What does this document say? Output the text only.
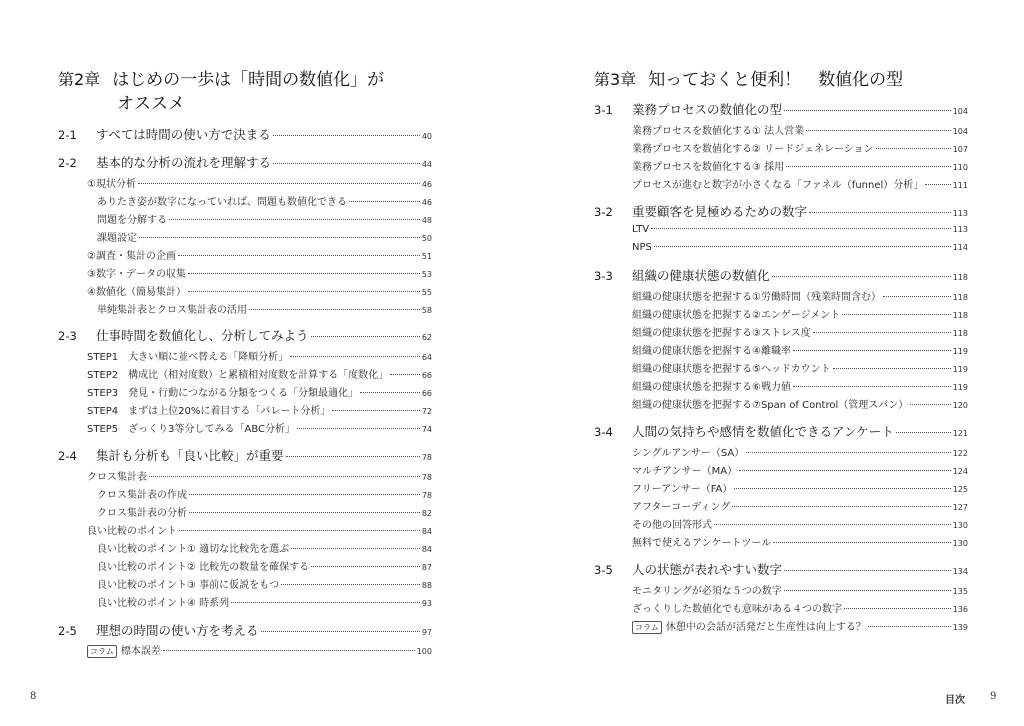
第2章 はじめの一歩は「時間の数値化」が
オススメ
2-1	すべては時間の使い方で決まる	40
2-2	基本的な分析の流れを理解する	44
①現状分析	46
ありたき姿が数字になっていれば、問題も数値化できる	46
問題を分解する	48
課題設定	50
②調査・集計の企画	51
③数字・データの収集	53
④数値化（簡易集計）	55
単純集計表とクロス集計表の活用	58
2-3	仕事時間を数値化し、分析してみよう	62
STEP1　大きい順に並べ替える「降順分析」	64
STEP2　構成比（相対度数）と累積相対度数を計算する「度数化」	66
STEP3　発見・行動につながる分類をつくる「分類最適化」	66
STEP4　まずは上位20%に着目する「パレート分析」	72
STEP5　ざっくり3等分してみる「ABC分析」	74
2-4	集計も分析も「良い比較」が重要	78
クロス集計表	78
クロス集計表の作成	78
クロス集計表の分析	82
良い比較のポイント	84
良い比較のポイント① 適切な比較先を選ぶ	84
良い比較のポイント② 比較先の数量を確保する	87
良い比較のポイント③ 事前に仮説をもつ	88
良い比較のポイント④ 時系列	93
2-5	理想の時間の使い方を考える	97
コラム 標本誤差	100
8
第3章 知っておくと便利！　数値化の型
3-1	業務プロセスの数値化の型	104
業務プロセスを数値化する① 法人営業	104
業務プロセスを数値化する② リードジェネレーション	107
業務プロセスを数値化する③ 採用	110
プロセスが進むと数字が小さくなる「ファネル（funnel）分析」	111
3-2	重要顧客を見極めるための数字	113
LTV	113
NPS	114
3-3	組織の健康状態の数値化	118
組織の健康状態を把握する①労働時間（残業時間含む）	118
組織の健康状態を把握する②エンゲージメント	118
組織の健康状態を把握する③ストレス度	118
組織の健康状態を把握する④離職率	119
組織の健康状態を把握する⑤ヘッドカウント	119
組織の健康状態を把握する⑥戦力値	119
組織の健康状態を把握する⑦Span of Control（管理スパン）	120
3-4	人間の気持ちや感情を数値化できるアンケート	121
シングルアンサー（SA）	122
マルチアンサー（MA）	124
フリーアンサー（FA）	125
アフターコーディング	127
その他の回答形式	130
無料で使えるアンケートツール	130
3-5	人の状態が表れやすい数字	134
モニタリングが必須な５つの数字	135
ざっくりした数値化でも意味がある４つの数字	136
コラム 休憩中の会話が活発だと生産性は向上する？	139
目次	9
